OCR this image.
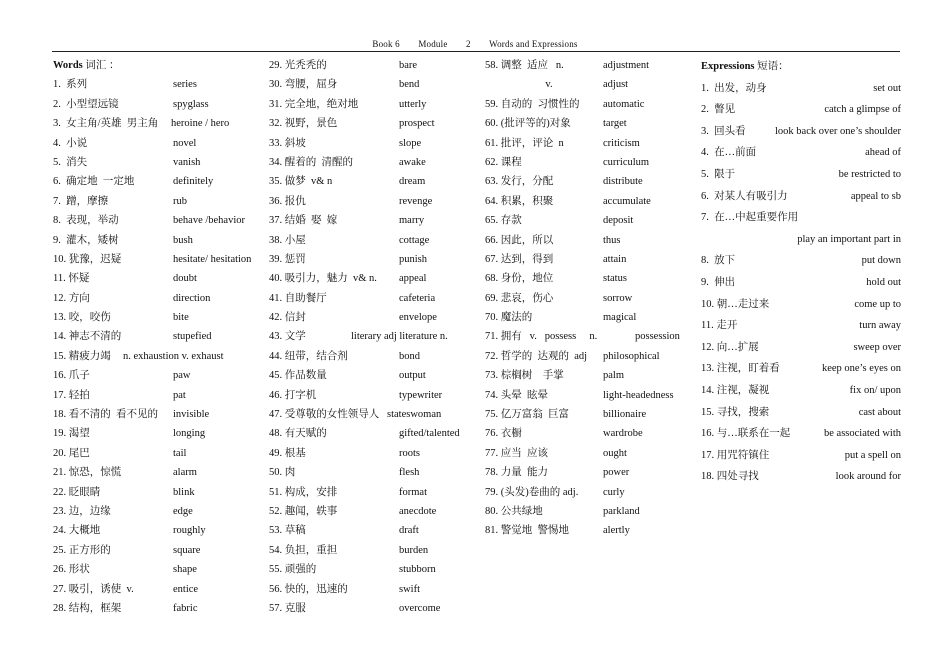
Book 6 Module 2 Words and Expressions
Words 词汇 ：
1.  系列	series
2.  小型望远镜	spyglass
3.  女主角/英雄  男主角 heroine / hero
4.  小说	novel
5.  消失	vanish
6.  确定地  一定地	definitely
7.  蹭，摩擦	rub
8.  表现，举动	behave /behavior
9.  灌木，矮树	bush
10. 犹豫，迟疑	hesitate/ hesitation
11. 怀疑	doubt
12. 方向	direction
13. 咬，咬伤	bite
14. 神志不清的	stupefied
15. 精疲力竭 n. exhaustion v. exhaust
16. 爪子	paw
17. 轻拍	pat
18. 看不清的  看不见的 invisible
19. 渴望	longing
20. 尾巴	tail
21. 惊恐，惊慌	alarm
22. 眨眼睛	blink
23. 边，边缘	edge
24. 大概地	roughly
25. 正方形的	square
26. 形状	shape
27. 吸引，诱使  v.	entice
28. 结构，框架	fabric
29. 光秃秃的	bare
30. 弯腰，屈身	bend
31. 完全地，绝对地	utterly
32. 视野，景色	prospect
33. 斜坡	slope
34. 醒着的  清醒的	awake
35. 做梦  v& n	dream
36. 报仇	revenge
37. 结婚  娶  嫁	marry
38. 小屋	cottage
39. 惩罚	punish
40. 吸引力，魅力  v& n. appeal
41. 自助餐厅	cafeteria
42. 信封	envelope
43. 文学	literary adj literature n.
44. 纽带，结合剂	bond
45. 作品数量	output
46. 打字机	typewriter
47. 受尊敬的女性领导人 stateswoman
48. 有天赋的	gifted/talented
49. 根基	roots
50. 肉	flesh
51. 构成，安排	format
52. 趣闻，轶事	anecdote
53. 草稿	draft
54. 负担，重担	burden
55. 顽强的	stubborn
56. 快的，迅速的	swift
57. 克服	overcome
58. 调整  适应   n.	adjustment
v.	adjust
59. 自动的  习惯性的 automatic
60. (批评等的)对象	target
61. 批评，评论  n	criticism
62. 课程	curriculum
63. 发行，分配	distribute
64. 积累，积聚	accumulate
65. 存款	deposit
66. 因此，所以	thus
67. 达到，得到	attain
68. 身份，地位	status
69. 悲哀，伤心	sorrow
70. 魔法的	magical
71. 拥有   v.   possess     n.	possession
72. 哲学的  达观的  adj philosophical
73. 棕榈树    手掌	palm
74. 头晕  眩晕	light-headedness
75. 亿万富翁  巨富	billionaire
76. 衣橱	wardrobe
77. 应当  应该	ought
78. 力量  能力	power
79. (头发)卷曲的 adj. curly
80. 公共绿地	parkland
81. 警觉地  警惕地	alertly
Expressions 短语：
1.  出发，动身	set out
2.  瞥见	catch a glimpse of
3.  回头看	look back over one’s shoulder
4.  在…前面	ahead of
5.  限于	be restricted to
6.  对某人有吸引力	appeal to sb
7.  在…中起重要作用
play an important part in
8.  放下	put down
9.  伸出	hold out
10. 朝…走过来	come up to
11. 走开	turn away
12. 向…扩展	sweep over
13. 注视，盯着看	keep one’s eyes on
14. 注视，凝视	fix on/ upon
15. 寻找，搜索	cast about
16. 与…联系在一起	be associated with
17. 用咒符镇住	put a spell on
18. 四处寻找	look around for
